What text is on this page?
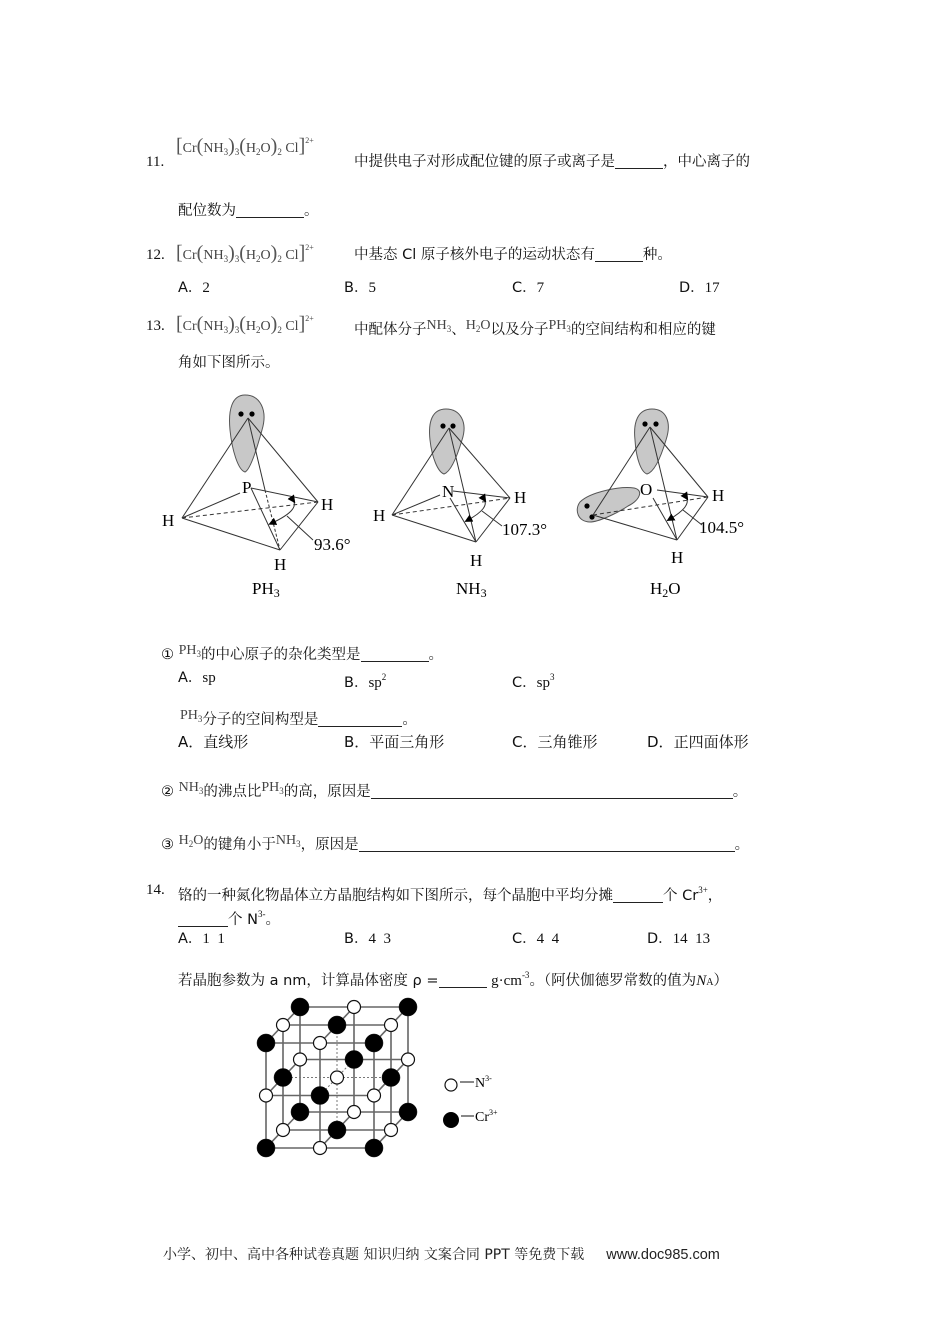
11.
[$Cr(NH_3)_3(H_2O)_2$ Cl]$^{2+}$
中提供电子对形成配位键的原子或离子是	，中心离子的
配位数为	。
12. [$Cr(NH_3)_3(H_2O)_2$ Cl]$^{2+}$	中基态 Cl 原子核外电子的运动状态有	种。
A．2	B．5	C．7	D．17
13. [$Cr(NH_3)_3(H_2O)_2$ Cl]$^{2+}$
中配体分子$NH_3$、$H_2O$以及分子$PH_3$的空间结构和相应的键
角如下图所示。
P
H
H
H
93.6°
PH3
N
H
H
H
107.3°
NH3
O	H
H
104.5°
H2O
① $PH_3$的中心原子的杂化类型是	。
A．sp	B．$sp^2$	C．$sp^3$
$PH_3$分子的空间构型是	。
A．直线形	B．平面三角形	C．三角锥形	D．正四面体形
② $NH_3$的沸点比$PH_3$的高，原因是	。
③ $H_2O$的键角小于$NH_3$，原因是	。
14. 铬的一种氮化物晶体立方晶胞结构如下图所示，每个晶胞中平均分摊	个 $Cr^{3+}$，
个 $N^{3-}$。
A．1  1	B．4  3	C．4  4	D．14  13
若晶胞参数为 a nm，计算晶体密度 ρ =	$g\cdot cm^{-3}$。（阿伏伽德罗常数的值为NA）
$N^{3-}$
$Cr^{3+}$
小学、初中、高中各种试卷真题 知识归纳 文案合同 PPT 等免费下载 www.doc985.com
